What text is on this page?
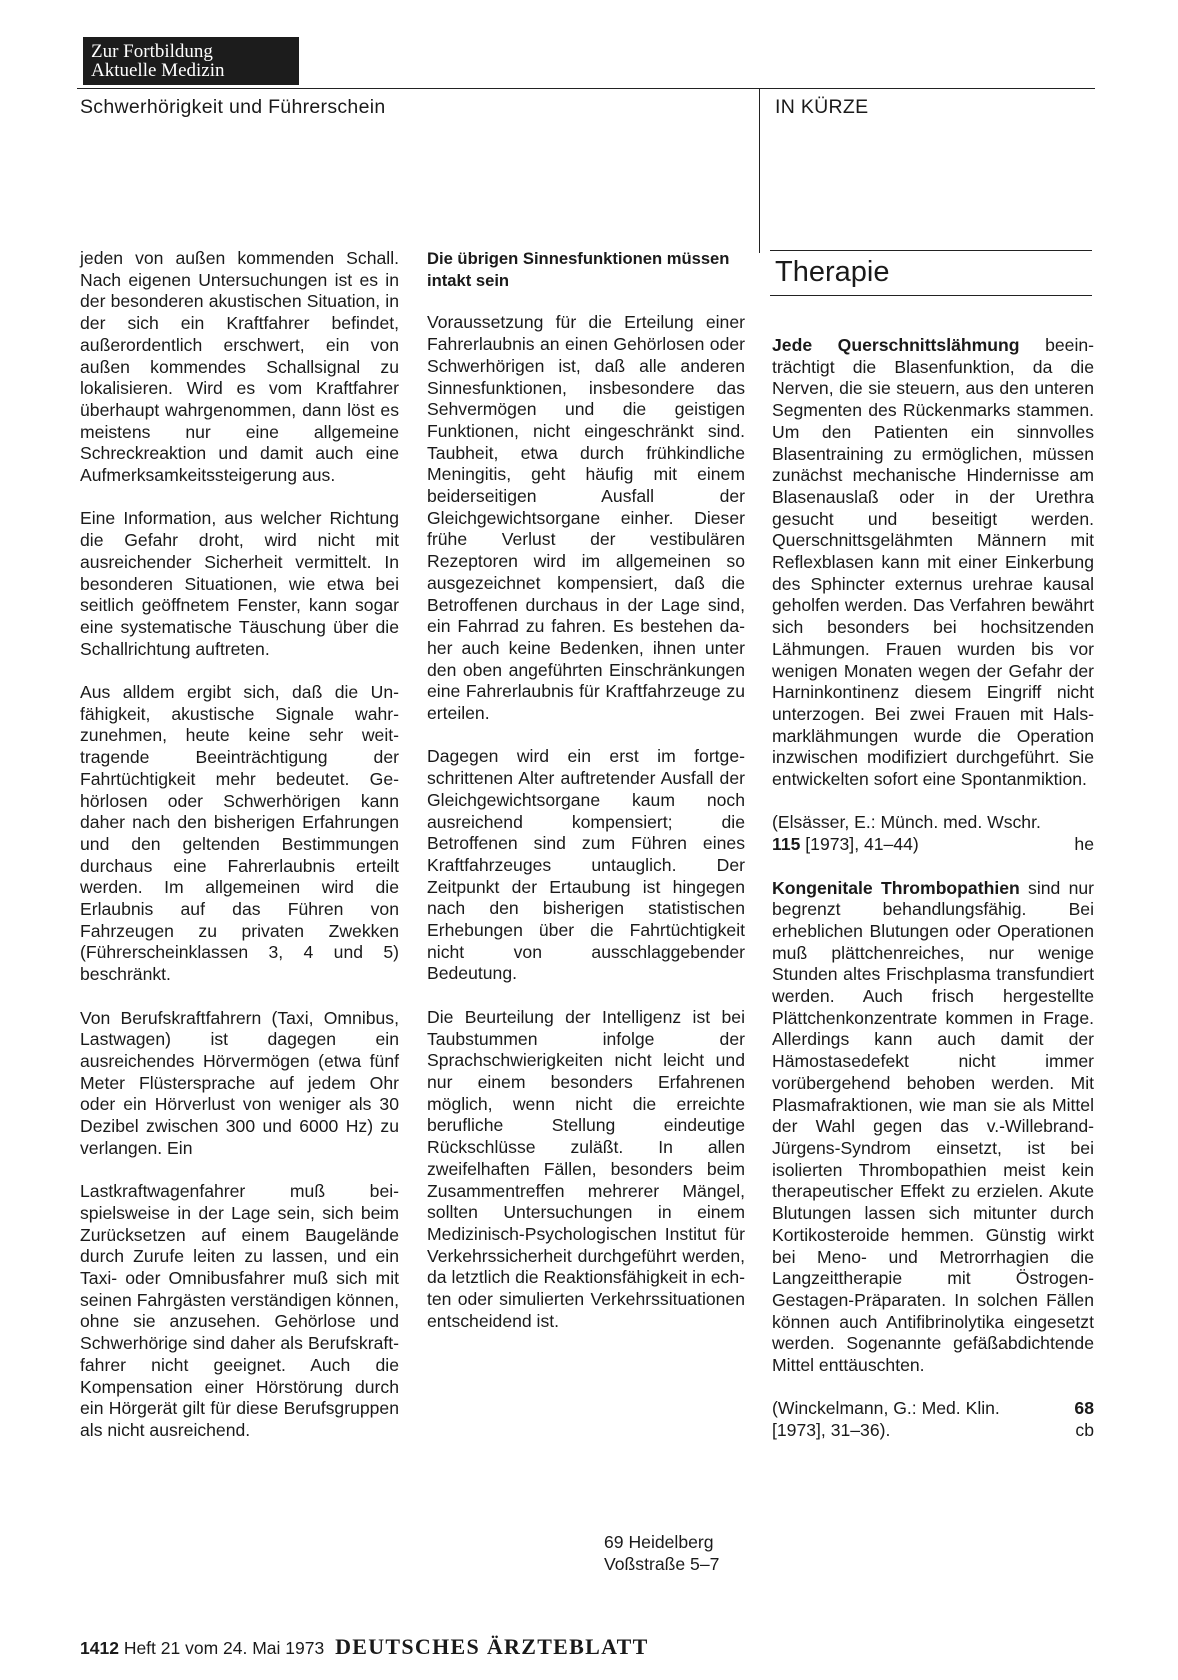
Zur Fortbildung
Aktuelle Medizin
Schwerhörigkeit und Führerschein	IN KÜRZE

jeden von außen kommenden Schall. Nach eigenen Untersuchungen ist es in der besonderen akustischen Situation, in der sich ein Kraftfahrer befindet, außerordentlich erschwert, ein von außen kommendes Schallsignal zu lokalisieren. Wird es vom Kraftfahrer überhaupt wahrgenommen, dann löst es meistens nur eine allgemeine Schreckreaktion und damit auch eine Aufmerksamkeitssteigerung aus.

Eine Information, aus welcher Richtung die Gefahr droht, wird nicht mit ausreichender Sicherheit vermittelt. In besonderen Situationen, wie etwa bei seitlich geöffnetem Fenster, kann sogar eine systematische Täuschung über die Schallrichtung auftreten.

Aus alldem ergibt sich, daß die Unfähigkeit, akustische Signale wahrzunehmen, heute keine sehr weittragende Beeinträchtigung der Fahrtüchtigkeit mehr bedeutet. Gehörlosen oder Schwerhörigen kann daher nach den bisherigen Erfahrungen und den geltenden Bestimmungen durchaus eine Fahrerlaubnis erteilt werden. Im allgemeinen wird die Erlaubnis auf das Führen von Fahrzeugen zu privaten Zwekken (Führerscheinklassen 3, 4 und 5) beschränkt.

Von Berufskraftfahrern (Taxi, Omnibus, Lastwagen) ist dagegen ein ausreichendes Hörvermögen (etwa fünf Meter Flüstersprache auf jedem Ohr oder ein Hörverlust von weniger als 30 Dezibel zwischen 300 und 6000 Hz) zu verlangen. Ein

Lastkraftwagenfahrer muß beispielsweise in der Lage sein, sich beim Zurücksetzen auf einem Baugelände durch Zurufe leiten zu lassen, und ein Taxi- oder Omnibusfahrer muß sich mit seinen Fahrgästen verständigen können, ohne sie anzusehen. Gehörlose und Schwerhörige sind daher als Berufskraftfahrer nicht geeignet. Auch die Kompensation einer Hörstörung durch ein Hörgerät gilt für diese Berufsgruppen als nicht ausreichend.

Die übrigen Sinnesfunktionen müssen intakt sein

Voraussetzung für die Erteilung einer Fahrerlaubnis an einen Gehörlosen oder Schwerhörigen ist, daß alle anderen Sinnesfunktionen, insbesondere das Sehvermögen und die geistigen Funktionen, nicht eingeschränkt sind. Taubheit, etwa durch frühkindliche Meningitis, geht häufig mit einem beiderseitigen Ausfall der Gleichgewichtsorgane einher. Dieser frühe Verlust der vestibulären Rezeptoren wird im allgemeinen so ausgezeichnet kompensiert, daß die Betroffenen durchaus in der Lage sind, ein Fahrrad zu fahren. Es bestehen daher auch keine Bedenken, ihnen unter den oben angeführten Einschränkungen eine Fahrerlaubnis für Kraftfahrzeuge zu erteilen.

Dagegen wird ein erst im fortgeschrittenen Alter auftretender Ausfall der Gleichgewichtsorgane kaum noch ausreichend kompensiert; die Betroffenen sind zum Führen eines Kraftfahrzeuges untauglich. Der Zeitpunkt der Ertaubung ist hingegen nach den bisherigen statistischen Erhebungen über die Fahrtüchtigkeit nicht von ausschlaggebender Bedeutung.

Die Beurteilung der Intelligenz ist bei Taubstummen infolge der Sprachschwierigkeiten nicht leicht und nur einem besonders Erfahrenen möglich, wenn nicht die erreichte berufliche Stellung eindeutige Rückschlüsse zuläßt. In allen zweifelhaften Fällen, besonders beim Zusammentreffen mehrerer Mängel, sollten Untersuchungen in einem Medizinisch-Psychologischen Institut für Verkehrssicherheit durchgeführt werden, da letztlich die Reaktionsfähigkeit in echten oder simulierten Verkehrssituationen entscheidend ist.

69 Heidelberg
Voßstraße 5–7
Therapie

Jede Querschnittslähmung beeinträchtigt die Blasenfunktion, da die Nerven, die sie steuern, aus den unteren Segmenten des Rückenmarks stammen. Um den Patienten ein sinnvolles Blasentraining zu ermöglichen, müssen zunächst mechanische Hindernisse am Blasenauslaß oder in der Urethra gesucht und beseitigt werden. Querschnittsgelähmten Männern mit Reflexblasen kann mit einer Einkerbung des Sphincter externus urehrae kausal geholfen werden. Das Verfahren bewährt sich besonders bei hochsitzenden Lähmungen. Frauen wurden bis vor wenigen Monaten wegen der Gefahr der Harninkontinenz diesem Eingriff nicht unterzogen. Bei zwei Frauen mit Halsmarklähmungen wurde die Operation inzwischen modifiziert durchgeführt. Sie entwickelten sofort eine Spontanmiktion.

(Elsässer, E.: Münch. med. Wschr.
115 [1973], 41–44)	he

Kongenitale Thrombopathien sind nur begrenzt behandlungsfähig. Bei erheblichen Blutungen oder Operationen muß plättchenreiches, nur wenige Stunden altes Frischplasma transfundiert werden. Auch frisch hergestellte Plättchenkonzentrate kommen in Frage. Allerdings kann auch damit der Hämostasedefekt nicht immer vorübergehend behoben werden. Mit Plasmafraktionen, wie man sie als Mittel der Wahl gegen das v.-Willebrand-Jürgens-Syndrom einsetzt, ist bei isolierten Thrombopathien meist kein therapeutischer Effekt zu erzielen. Akute Blutungen lassen sich mitunter durch Kortikosteroide hemmen. Günstig wirkt bei Meno- und Metrorrhagien die Langzeittherapie mit Östrogen-Gestagen-Präparaten. In solchen Fällen können auch Antifibrinolytika eingesetzt werden. Sogenannte gefäßabdichtende Mittel enttäuschten.

(Winckelmann, G.: Med. Klin.	68
[1973], 31–36).	cb

1412 Heft 21 vom 24. Mai 1973 DEUTSCHES ÄRZTEBLATT
